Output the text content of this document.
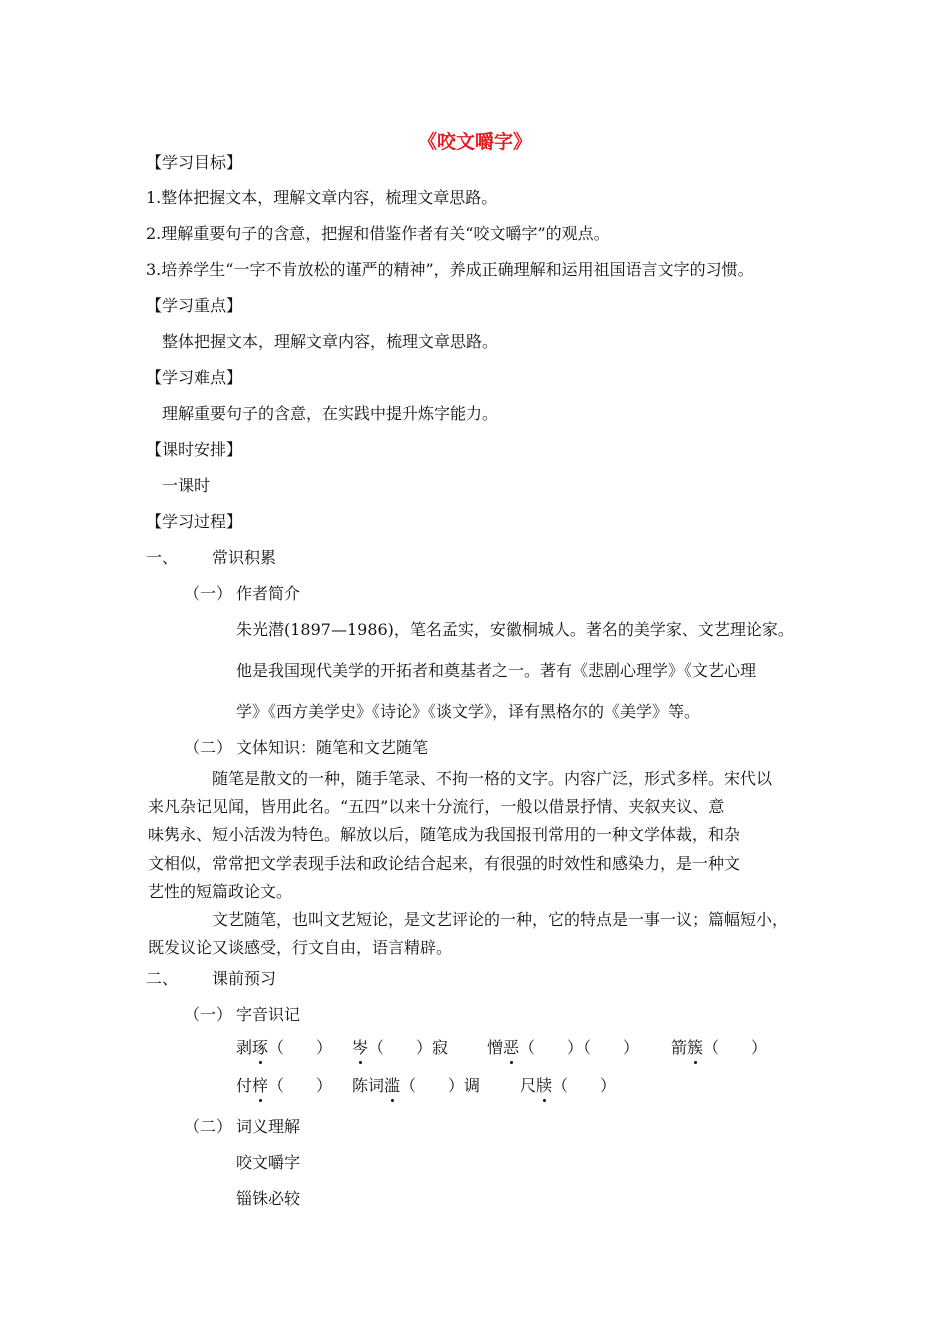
《咬文嚼字》
【学习目标】
1.整体把握文本，理解文章内容，梳理文章思路。
2.理解重要句子的含意，把握和借鉴作者有关“咬文嚼字”的观点。
3.培养学生“一字不肯放松的谨严的精神”，养成正确理解和运用祖国语言文字的习惯。
【学习重点】
整体把握文本，理解文章内容，梳理文章思路。
【学习难点】
理解重要句子的含意，在实践中提升炼字能力。
【课时安排】
一课时
【学习过程】
一、 常识积累
（一） 作者简介
朱光潜(1897—1986)，笔名孟实，安徽桐城人。著名的美学家、文艺理论家。
他是我国现代美学的开拓者和奠基者之一。著有《悲剧心理学》《文艺心理
学》《西方美学史》《诗论》《谈文学》，译有黑格尔的《美学》等。
（二） 文体知识：随笔和文艺随笔
随笔是散文的一种，随手笔录、不拘一格的文字。内容广泛，形式多样。宋代以
来凡杂记见闻，皆用此名。“五四”以来十分流行，一般以借景抒情、夹叙夹议、意
味隽永、短小活泼为特色。解放以后，随笔成为我国报刊常用的一种文学体裁，和杂
文相似，常常把文学表现手法和政论结合起来，有很强的时效性和感染力，是一种文
艺性的短篇政论文。
文艺随笔，也叫文艺短论，是文艺评论的一种，它的特点是一事一议；篇幅短小，
既发议论又谈感受，行文自由，语言精辟。
二、 课前预习
（一） 字音识记
剥琢（　　） 岑（　　）寂 憎恶（　　）（　　） 箭簇（　　）
付梓（　　） 陈词滥（　　）调 尺牍（　　）
（二） 词义理解
咬文嚼字
锱铢必较
